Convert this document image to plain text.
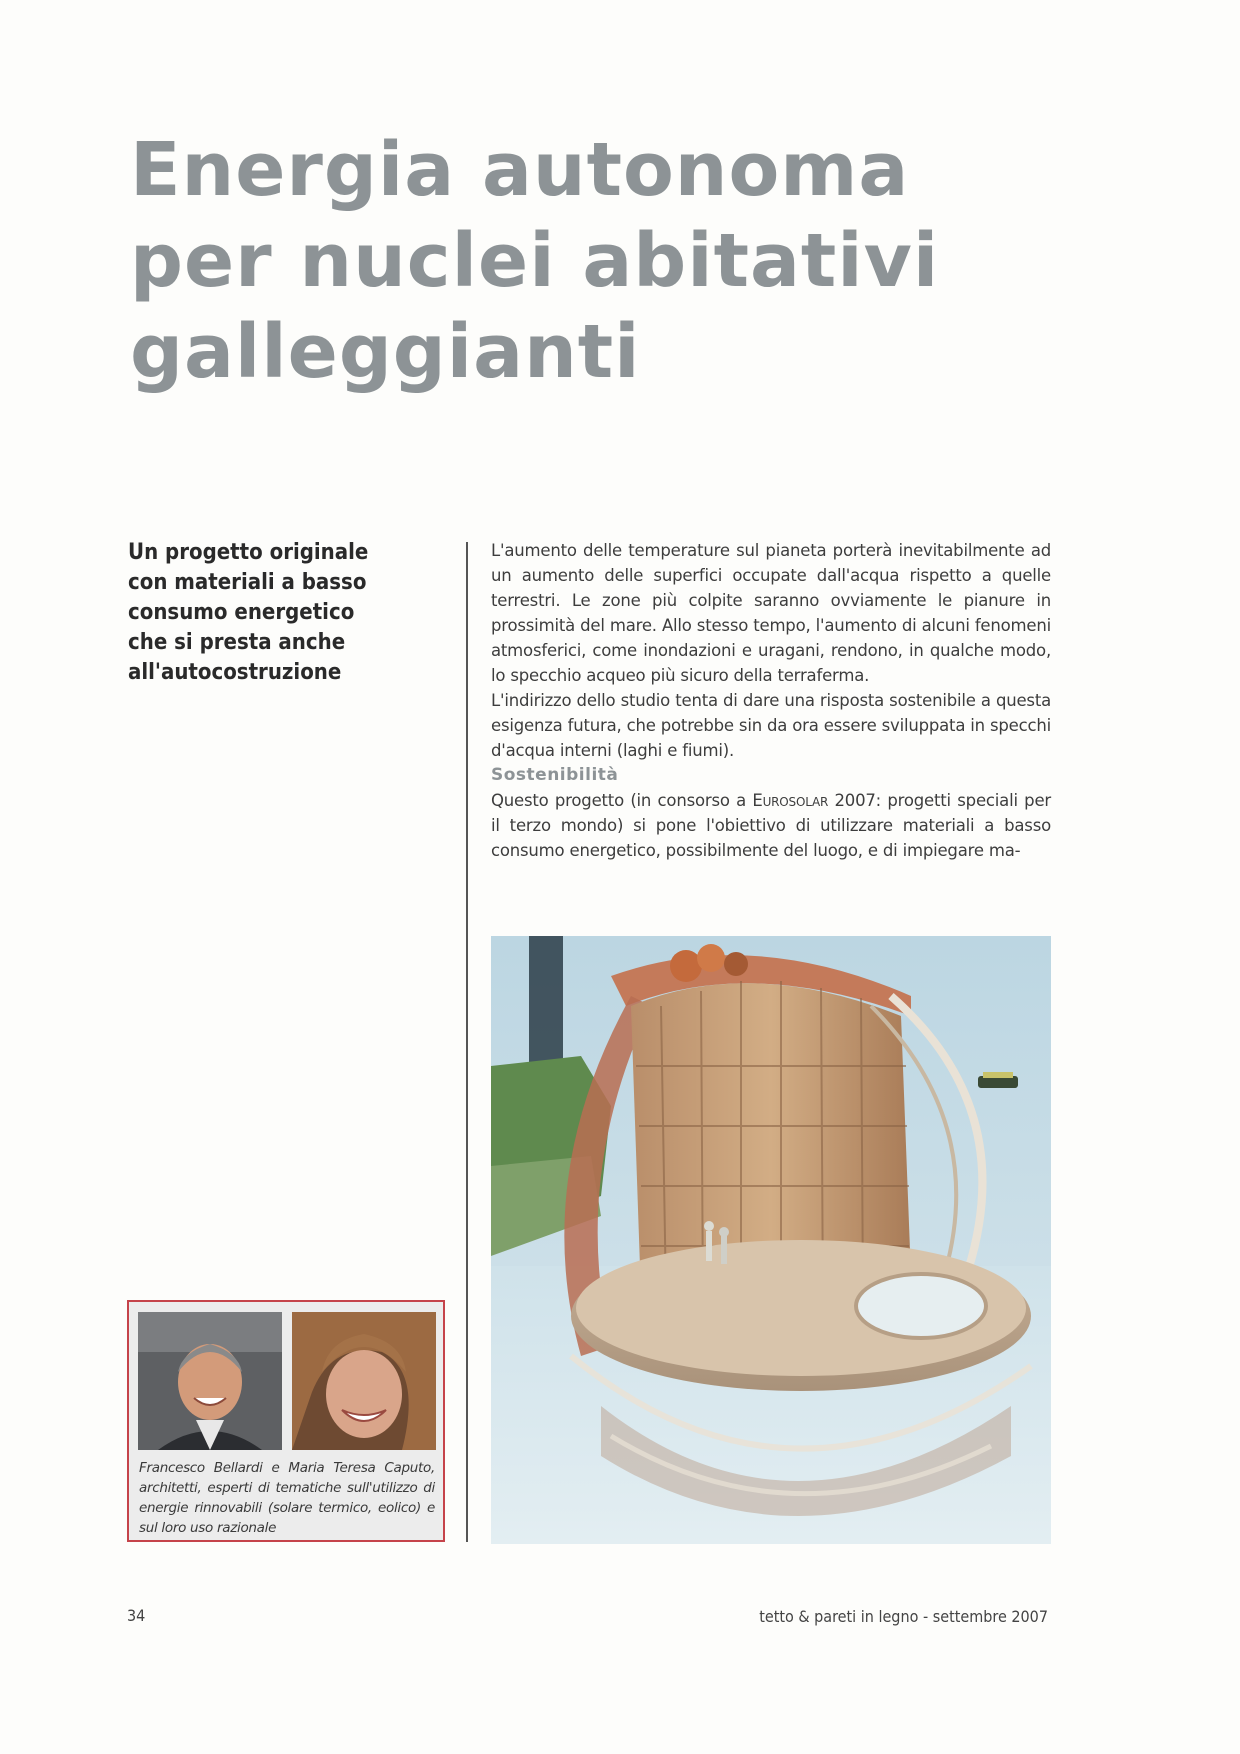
Energia autonoma
per nuclei abitativi
galleggianti

Un progetto originale con materiali a basso consumo energetico che si presta anche all'autocostruzione

L'aumento delle temperature sul pianeta porterà inevitabilmente ad un aumento delle superfici occupate dall'acqua rispetto a quelle terrestri. Le zone più colpite saranno ovviamente le pianure in prossimità del mare. Allo stesso tempo, l'aumento di alcuni fenomeni atmosferici, come inondazioni e uragani, rendono, in qualche modo, lo specchio acqueo più sicuro della terraferma.

L'indirizzo dello studio tenta di dare una risposta sostenibile a questa esigenza futura, che potrebbe sin da ora essere sviluppata in specchi d'acqua interni (laghi e fiumi).

Sostenibilità

Questo progetto (in consorso a Eurosolar 2007: progetti speciali per il terzo mondo) si pone l'obiettivo di utilizzare materiali a basso consumo energetico, possibilmente del luogo, e di impiegare ma-

Francesco Bellardi e Maria Teresa Caputo, architetti, esperti di tematiche sull'utilizzo di energie rinnovabili (solare termico, eolico) e sul loro uso razionale
34	tetto & pareti in legno - settembre 2007
